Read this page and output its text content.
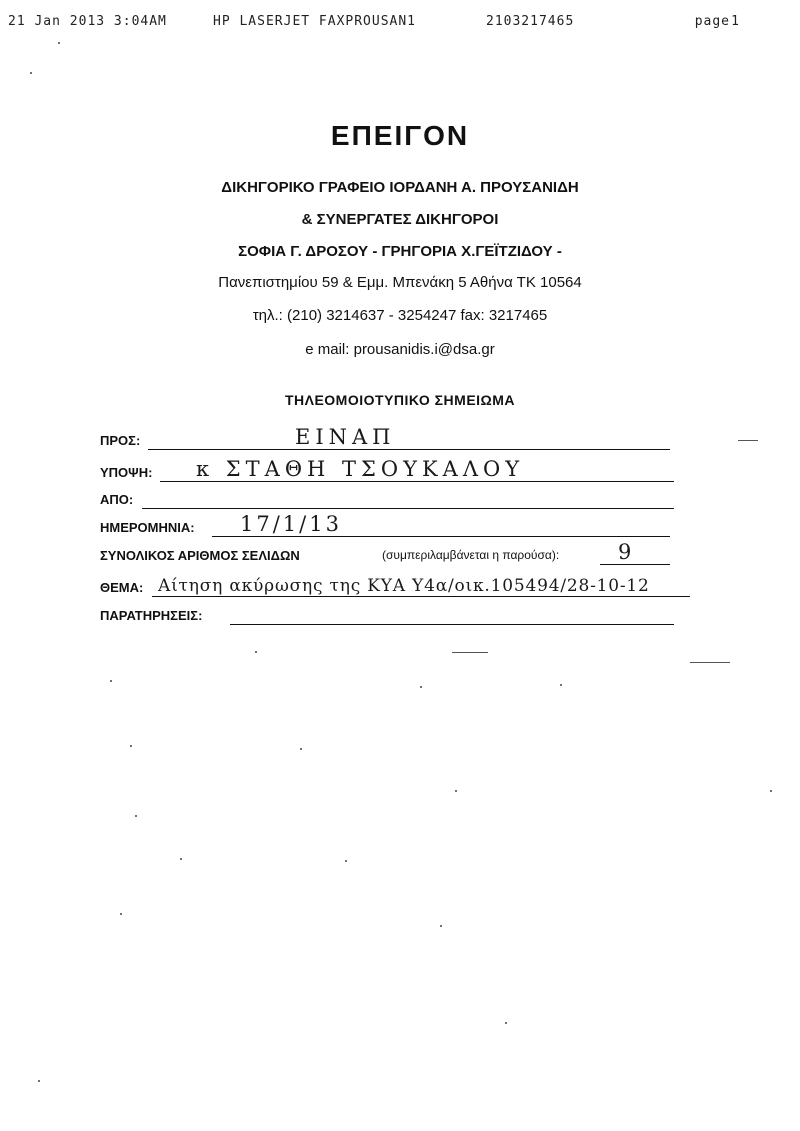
21 Jan 2013 3:04AM	HP LASERJET FAXPROUSAN1	2103217465	page 1
ΕΠΕΙΓΟΝ
ΔΙΚΗΓΟΡΙΚΟ ΓΡΑΦΕΙΟ ΙΟΡΔΑΝΗ Α. ΠΡΟΥΣΑΝΙΔΗ
& ΣΥΝΕΡΓΑΤΕΣ ΔΙΚΗΓΟΡΟΙ
ΣΟΦΙΑ Γ. ΔΡΟΣΟΥ - ΓΡΗΓΟΡΙΑ Χ.ΓΕΪΤΖΙΔΟΥ -
Πανεπιστημίου 59 & Εμμ. Μπενάκη 5 Αθήνα ΤΚ 10564
τηλ.: (210) 3214637 - 3254247 fax: 3217465
e mail: prousanidis.i@dsa.gr
ΤΗΛΕΟΜΟΙΟΤΥΠΙΚΟ ΣΗΜΕΙΩΜΑ
ΠΡΟΣ:	ΕΙΝΑΠ
ΥΠΟΨΗ: κ ΣΤΑΘΗ ΤΣΟΥΚΑΛΟΥ
ΑΠΟ:
ΗΜΕΡΟΜΗΝΙΑ: 17/1/13
ΣΥΝΟΛΙΚΟΣ ΑΡΙΘΜΟΣ ΣΕΛΙΔΩΝ	(συμπεριλαμβάνεται η παρούσα):	9
ΘΕΜΑ: Αίτηση ακύρωσης της ΚΥΑ Υ4α/οικ.105494/28-10-12
ΠΑΡΑΤΗΡΗΣΕΙΣ:
